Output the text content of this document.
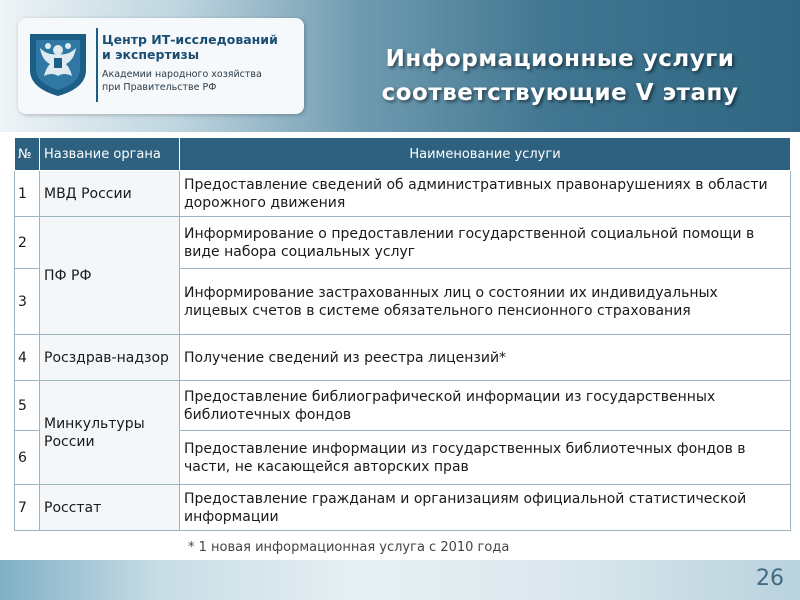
Центр ИТ-исследований
и экспертизы
Академии народного хозяйства
при Правительстве РФ
Информационные услуги
соответствующие V этапу
№	Название органа	Наименование услуги
1	МВД России	Предоставление сведений об административных правонарушениях в области дорожного движения
2	ПФ РФ	Информирование о предоставлении государственной социальной помощи в виде набора социальных услуг
3		Информирование застрахованных лиц о состоянии их индивидуальных лицевых счетов в системе обязательного пенсионного страхования
4	Росздрав-надзор	Получение сведений из реестра лицензий*
5	Минкультуры России	Предоставление библиографической информации из государственных библиотечных фондов
6		Предоставление информации из государственных библиотечных фондов в части, не касающейся авторских прав
7	Росстат	Предоставление гражданам и организациям официальной статистической информации
* 1 новая информационная услуга с 2010 года
26
